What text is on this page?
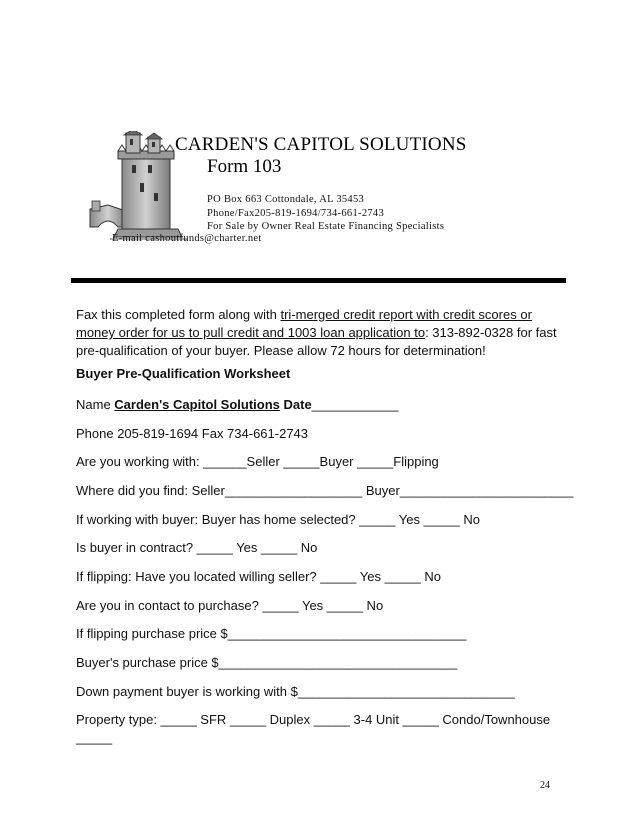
CARDEN'S CAPITOL SOLUTIONS
Form 103
PO Box 663 Cottondale, AL 35453
Phone/Fax205-819-1694/734-661-2743
For Sale by Owner Real Estate Financing Specialists
E-mail cashoutfunds@charter.net
Fax this completed form along with tri-merged credit report with credit scores or money order for us to pull credit and 1003 loan application to: 313-892-0328 for fast pre-qualification of your buyer. Please allow 72 hours for determination!
Buyer Pre-Qualification Worksheet
Name Carden's Capitol Solutions Date____________
Phone 205-819-1694 Fax 734-661-2743
Are you working with: ______Seller _____Buyer _____Flipping
Where did you find: Seller___________________ Buyer________________________
If working with buyer: Buyer has home selected? _____ Yes _____ No
Is buyer in contract? _____ Yes _____ No
If flipping: Have you located willing seller? _____ Yes _____ No
Are you in contact to purchase? _____ Yes _____ No
If flipping purchase price $_________________________________
Buyer's purchase price $_________________________________
Down payment buyer is working with $______________________________
Property type: _____ SFR _____ Duplex _____ 3-4 Unit _____ Condo/Townhouse
_____
24
